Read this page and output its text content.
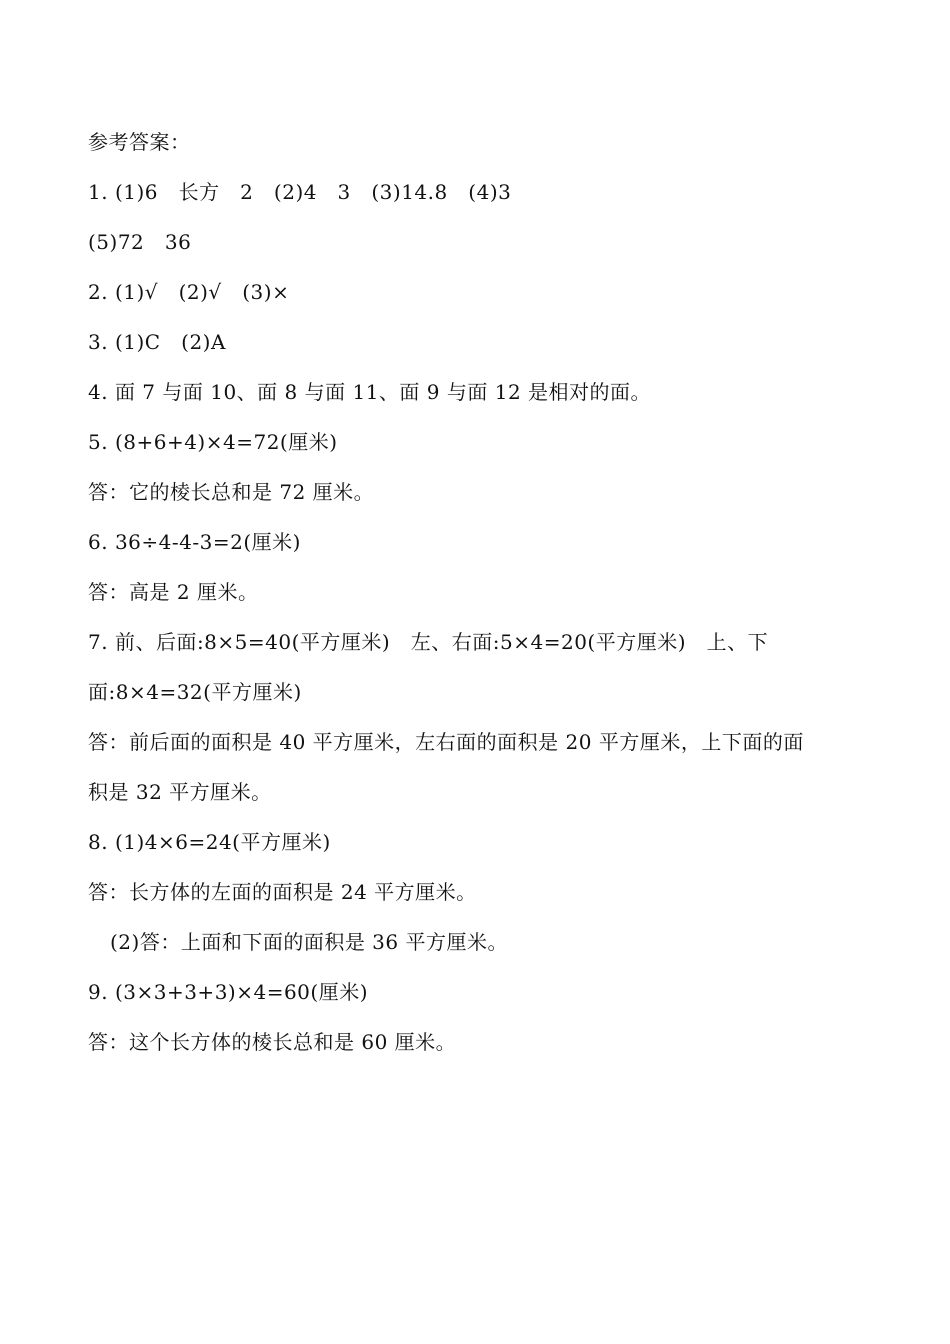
参考答案：
1. (1)6   长方   2   (2)4   3   (3)14.8   (4)3
(5)72   36
2. (1)√   (2)√   (3)×
3. (1)C   (2)A
4. 面 7 与面 10、面 8 与面 11、面 9 与面 12 是相对的面。
5. (8+6+4)×4=72(厘米)
答：它的棱长总和是 72 厘米。
6. 36÷4-4-3=2(厘米)
答：高是 2 厘米。
7. 前、后面:8×5=40(平方厘米)   左、右面:5×4=20(平方厘米)   上、下
面:8×4=32(平方厘米)
答：前后面的面积是 40 平方厘米，左右面的面积是 20 平方厘米，上下面的面
积是 32 平方厘米。
8. (1)4×6=24(平方厘米)
答：长方体的左面的面积是 24 平方厘米。
(2)答：上面和下面的面积是 36 平方厘米。
9. (3×3+3+3)×4=60(厘米)
答：这个长方体的棱长总和是 60 厘米。
